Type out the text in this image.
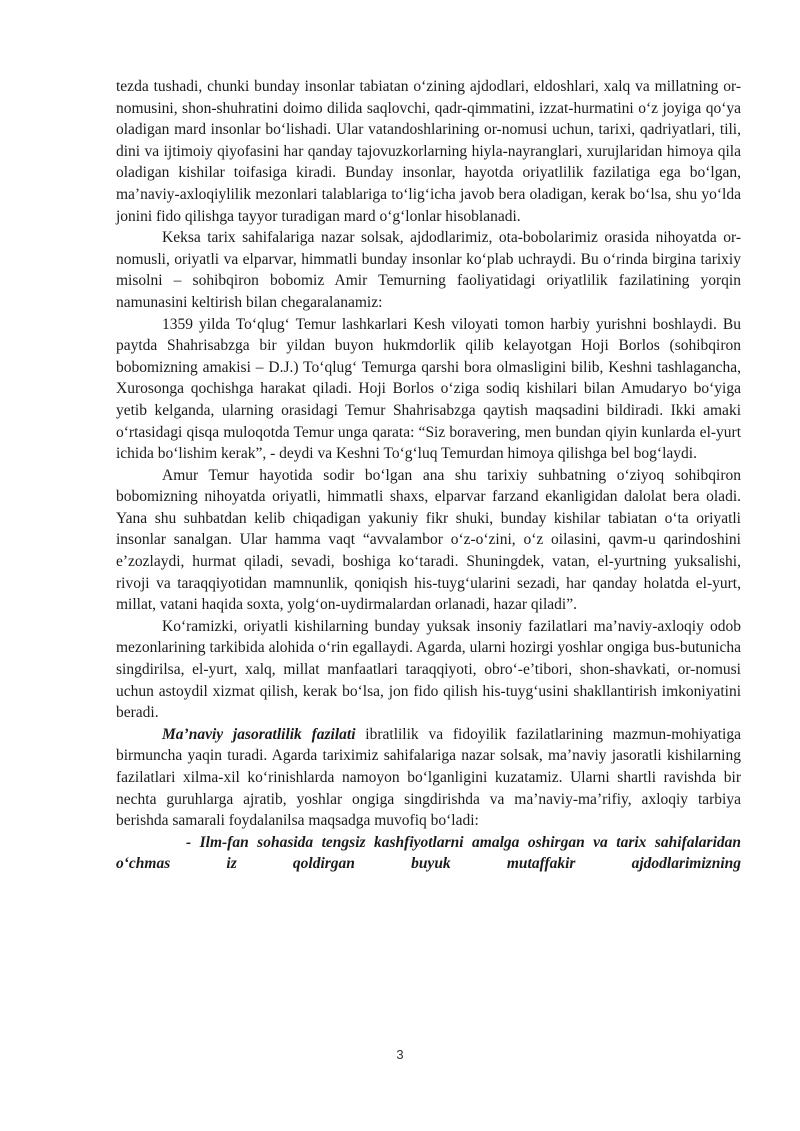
tezda tushadi, chunki bunday insonlar tabiatan o‘zining ajdodlari, eldoshlari, xalq va millatning or-nomusini, shon-shuhratini doimo dilida saqlovchi, qadr-qimmatini, izzat-hurmatini o‘z joyiga qo‘ya oladigan mard insonlar bo‘lishadi. Ular vatandoshlarining or-nomusi uchun, tarixi, qadriyatlari, tili, dini va ijtimoiy qiyofasini har qanday tajovuzkorlarning hiyla-nayranglari, xurujlaridan himoya qila oladigan kishilar toifasiga kiradi. Bunday insonlar, hayotda oriyatlilik fazilatiga ega bo‘lgan, ma’naviy-axloqiylilik mezonlari talablariga to‘lig‘icha javob bera oladigan, kerak bo‘lsa, shu yo‘lda jonini fido qilishga tayyor turadigan mard o‘g‘lonlar hisoblanadi.

Keksa tarix sahifalariga nazar solsak, ajdodlarimiz, ota-bobolarimiz orasida nihoyatda or-nomusli, oriyatli va elparvar, himmatli bunday insonlar ko‘plab uchraydi. Bu o‘rinda birgina tarixiy misolni – sohibqiron bobomiz Amir Temurning faoliyatidagi oriyatlilik fazilatining yorqin namunasini keltirish bilan chegaralanamiz:

1359 yilda To‘qlug‘ Temur lashkarlari Kesh viloyati tomon harbiy yurishni boshlaydi. Bu paytda Shahrisabzga bir yildan buyon hukmdorlik qilib kelayotgan Hoji Borlos (sohibqiron bobomizning amakisi – D.J.) To‘qlug‘ Temurga qarshi bora olmasligini bilib, Keshni tashlagancha, Xurosonga qochishga harakat qiladi. Hoji Borlos o‘ziga sodiq kishilari bilan Amudaryo bo‘yiga yetib kelganda, ularning orasidagi Temur Shahrisabzga qaytish maqsadini bildiradi. Ikki amaki o‘rtasidagi qisqa muloqotda Temur unga qarata: “Siz boravering, men bundan qiyin kunlarda el-yurt ichida bo‘lishim kerak”, - deydi va Keshni To‘g‘luq Temurdan himoya qilishga bel bog‘laydi.

Amur Temur hayotida sodir bo‘lgan ana shu tarixiy suhbatning o‘ziyoq sohibqiron bobomizning nihoyatda oriyatli, himmatli shaxs, elparvar farzand ekanligidan dalolat bera oladi. Yana shu suhbatdan kelib chiqadigan yakuniy fikr shuki, bunday kishilar tabiatan o‘ta oriyatli insonlar sanalgan. Ular hamma vaqt “avvalambor o‘z-o‘zini, o‘z oilasini, qavm-u qarindoshini e’zozlaydi, hurmat qiladi, sevadi, boshiga ko‘taradi. Shuningdek, vatan, el-yurtning yuksalishi, rivoji va taraqqiyotidan mamnunlik, qoniqish his-tuyg‘ularini sezadi, har qanday holatda el-yurt, millat, vatani haqida soxta, yolg‘on-uydirmalardan orlanadi, hazar qiladi”.

Ko‘ramizki, oriyatli kishilarning bunday yuksak insoniy fazilatlari ma’naviy-axloqiy odob mezonlarining tarkibida alohida o‘rin egallaydi. Agarda, ularni hozirgi yoshlar ongiga bus-butunicha singdirilsa, el-yurt, xalq, millat manfaatlari taraqqiyoti, obro‘-e’tibori, shon-shavkati, or-nomusi uchun astoydil xizmat qilish, kerak bo‘lsa, jon fido qilish his-tuyg‘usini shakllantirish imkoniyatini beradi.

Ma’naviy jasoratlilik fazilati ibratlilik va fidoyilik fazilatlarining mazmun-mohiyatiga birmuncha yaqin turadi. Agarda tariximiz sahifalariga nazar solsak, ma’naviy jasoratli kishilarning fazilatlari xilma-xil ko‘rinishlarda namoyon bo‘lganligini kuzatamiz. Ularni shartli ravishda bir nechta guruhlarga ajratib, yoshlar ongiga singdirishda va ma’naviy-ma’rifiy, axloqiy tarbiya berishda samarali foydalanilsa maqsadga muvofiq bo‘ladi:

- Ilm-fan sohasida tengsiz kashfiyotlarni amalga oshirgan va tarix sahifalaridan o‘chmas iz qoldirgan buyuk mutaffakir ajdodlarimizning

3
